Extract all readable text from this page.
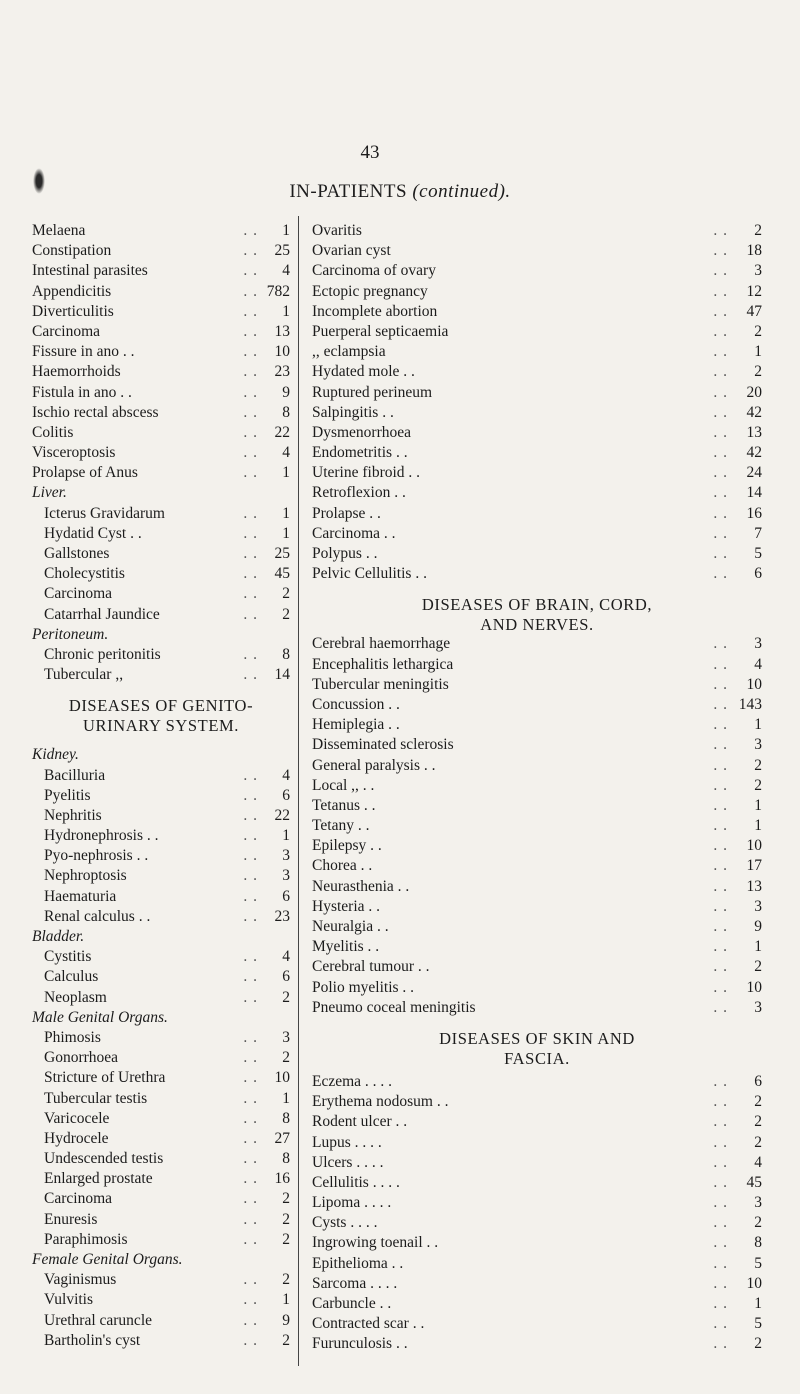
43
IN-PATIENTS (continued).
Melaena	. .	1
Constipation	. .	25
Intestinal parasites	. .	4
Appendicitis	. . 782
Diverticulitis	. .	1
Carcinoma	. .	13
Fissure in ano . .	. .	10
Haemorrhoids	. .	23
Fistula in ano . .	. .	9
Ischio rectal abscess	. .	8
Colitis	. .	22
Visceroptosis	. .	4
Prolapse of Anus	. .	1
Liver.
Icterus Gravidarum	. .	1
Hydatid Cyst . .	. .	1
Gallstones	. .	25
Cholecystitis	. .	45
Carcinoma	. .	2
Catarrhal Jaundice	. .	2
Peritoneum.
Chronic peritonitis	. .	8
Tubercular ,,	. .	14
DISEASES OF GENITO-
URINARY SYSTEM.
Kidney.
Bacilluria	. .	4
Pyelitis	. .	6
Nephritis	. .	22
Hydronephrosis . .	. .	1
Pyo-nephrosis . .	. .	3
Nephroptosis	. .	3
Haematuria	. .	6
Renal calculus . .	. .	23
Bladder.
Cystitis	. .	4
Calculus	. .	6
Neoplasm	. .	2
Male Genital Organs.
Phimosis	. .	3
Gonorrhoea	. .	2
Stricture of Urethra	. .	10
Tubercular testis	. .	1
Varicocele	. .	8
Hydrocele	. .	27
Undescended testis	. .	8
Enlarged prostate	. .	16
Carcinoma	. .	2
Enuresis	. .	2
Paraphimosis	. .	2
Female Genital Organs.
Vaginismus	. .	2
Vulvitis	. .	1
Urethral caruncle	. .	9
Bartholin's cyst	. .	2
Ovaritis	. .	2
Ovarian cyst	. .	18
Carcinoma of ovary	. .	3
Ectopic pregnancy	. .	12
Incomplete abortion	. .	47
Puerperal septicaemia	. .	2
,, eclampsia	. .	1
Hydated mole . .	. .	2
Ruptured perineum	. .	20
Salpingitis . .	. .	42
Dysmenorrhoea	. .	13
Endometritis . .	. .	42
Uterine fibroid . .	. .	24
Retroflexion . .	. .	14
Prolapse . .	. .	16
Carcinoma . .	. .	7
Polypus . .	. .	5
Pelvic Cellulitis . .	. .	6
DISEASES OF BRAIN, CORD,
AND NERVES.
Cerebral haemorrhage	. .	3
Encephalitis lethargica	. .	4
Tubercular meningitis	. .	10
Concussion . .	. . 143
Hemiplegia . .	. .	1
Disseminated sclerosis	. .	3
General paralysis . .	. .	2
Local ,, . .	. .	2
Tetanus . .	. .	1
Tetany . .	. .	1
Epilepsy . .	. .	10
Chorea . .	. .	17
Neurasthenia . .	. .	13
Hysteria . .	. .	3
Neuralgia . .	. .	9
Myelitis . .	. .	1
Cerebral tumour . .	. .	2
Polio myelitis . .	. .	10
Pneumo coceal meningitis	. .	3
DISEASES OF SKIN AND
FASCIA.
Eczema . . . .	. .	6
Erythema nodosum . .	. .	2
Rodent ulcer . .	. .	2
Lupus . . . .	. .	2
Ulcers . . . .	. .	4
Cellulitis . . . .	. .	45
Lipoma . . . .	. .	3
Cysts . . . .	. .	2
Ingrowing toenail . .	. .	8
Epithelioma . .	. .	5
Sarcoma . . . .	. .	10
Carbuncle . .	. .	1
Contracted scar . .	. .	5
Furunculosis . .	. .	2
